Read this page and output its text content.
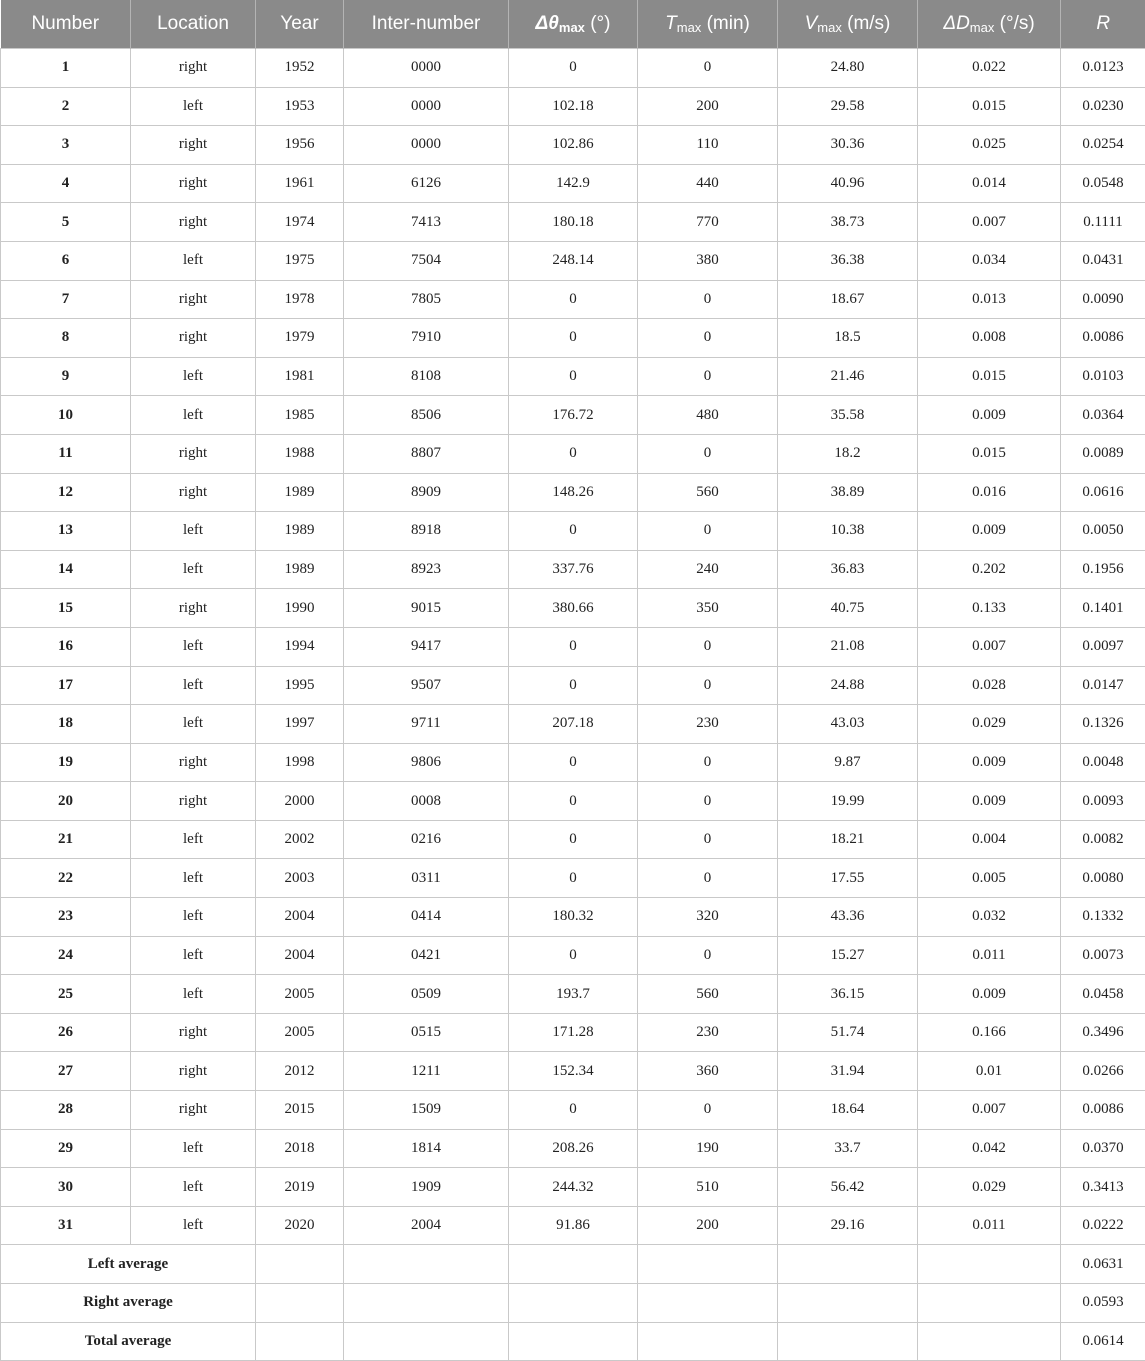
Number	Location	Year	Inter-number	$\Delta\theta_{max}$ (°)	$T_{max}$ (min)	$V_{max}$ (m/s)	$\Delta D_{max}$ (°/s)	R
1	right	1952	0000	0	0	24.80	0.022	0.0123
2	left	1953	0000	102.18	200	29.58	0.015	0.0230
3	right	1956	0000	102.86	110	30.36	0.025	0.0254
4	right	1961	6126	142.9	440	40.96	0.014	0.0548
5	right	1974	7413	180.18	770	38.73	0.007	0.1111
6	left	1975	7504	248.14	380	36.38	0.034	0.0431
7	right	1978	7805	0	0	18.67	0.013	0.0090
8	right	1979	7910	0	0	18.5	0.008	0.0086
9	left	1981	8108	0	0	21.46	0.015	0.0103
10	left	1985	8506	176.72	480	35.58	0.009	0.0364
11	right	1988	8807	0	0	18.2	0.015	0.0089
12	right	1989	8909	148.26	560	38.89	0.016	0.0616
13	left	1989	8918	0	0	10.38	0.009	0.0050
14	left	1989	8923	337.76	240	36.83	0.202	0.1956
15	right	1990	9015	380.66	350	40.75	0.133	0.1401
16	left	1994	9417	0	0	21.08	0.007	0.0097
17	left	1995	9507	0	0	24.88	0.028	0.0147
18	left	1997	9711	207.18	230	43.03	0.029	0.1326
19	right	1998	9806	0	0	9.87	0.009	0.0048
20	right	2000	0008	0	0	19.99	0.009	0.0093
21	left	2002	0216	0	0	18.21	0.004	0.0082
22	left	2003	0311	0	0	17.55	0.005	0.0080
23	left	2004	0414	180.32	320	43.36	0.032	0.1332
24	left	2004	0421	0	0	15.27	0.011	0.0073
25	left	2005	0509	193.7	560	36.15	0.009	0.0458
26	right	2005	0515	171.28	230	51.74	0.166	0.3496
27	right	2012	1211	152.34	360	31.94	0.01	0.0266
28	right	2015	1509	0	0	18.64	0.007	0.0086
29	left	2018	1814	208.26	190	33.7	0.042	0.0370
30	left	2019	1909	244.32	510	56.42	0.029	0.3413
31	left	2020	2004	91.86	200	29.16	0.011	0.0222
Left average								0.0631
Right average								0.0593
Total average								0.0614
